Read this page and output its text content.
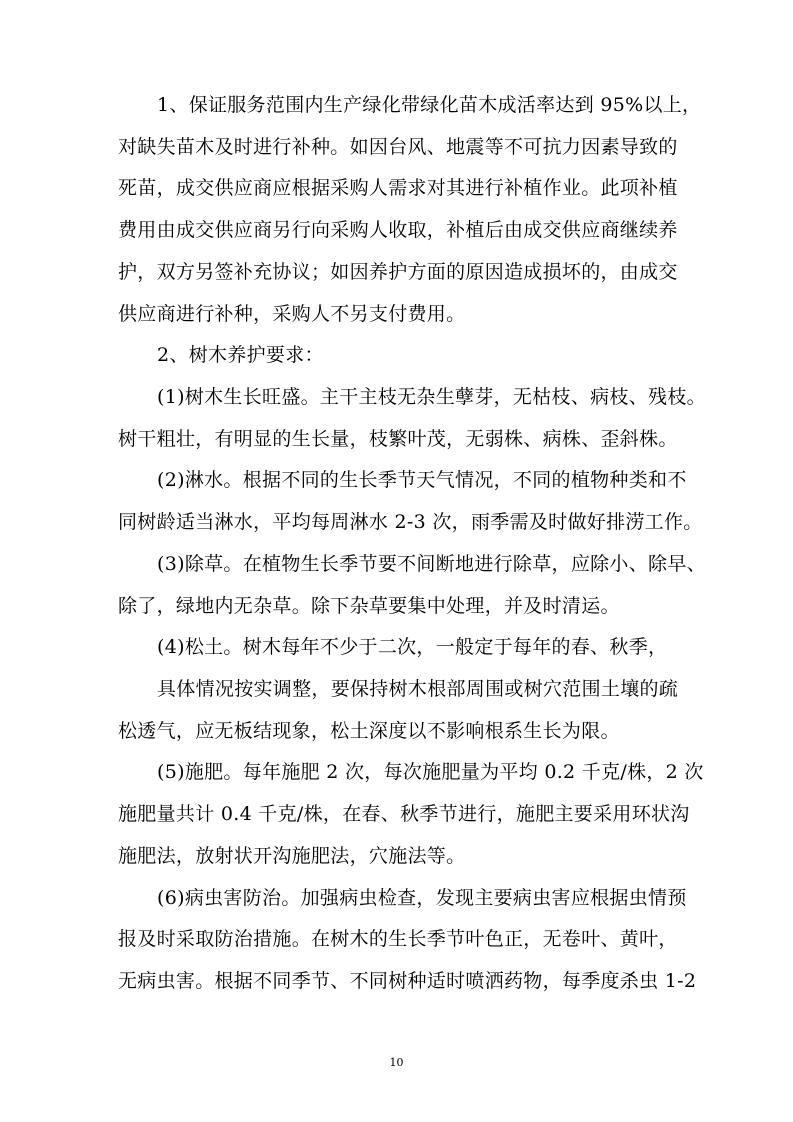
1、保证服务范围内生产绿化带绿化苗木成活率达到 95%以上，
对缺失苗木及时进行补种。如因台风、地震等不可抗力因素导致的
死苗，成交供应商应根据采购人需求对其进行补植作业。此项补植
费用由成交供应商另行向采购人收取，补植后由成交供应商继续养
护，双方另签补充协议；如因养护方面的原因造成损坏的，由成交
供应商进行补种，采购人不另支付费用。
2、树木养护要求：
(1)树木生长旺盛。主干主枝无杂生孽芽，无枯枝、病枝、残枝。
树干粗壮，有明显的生长量，枝繁叶茂，无弱株、病株、歪斜株。
(2)淋水。根据不同的生长季节天气情况，不同的植物种类和不
同树龄适当淋水，平均每周淋水 2-3 次，雨季需及时做好排涝工作。
(3)除草。在植物生长季节要不间断地进行除草，应除小、除早、
除了，绿地内无杂草。除下杂草要集中处理，并及时清运。
(4)松土。树木每年不少于二次，一般定于每年的春、秋季，
具体情况按实调整，要保持树木根部周围或树穴范围土壤的疏
松透气，应无板结现象，松土深度以不影响根系生长为限。
(5)施肥。每年施肥 2 次，每次施肥量为平均 0.2 千克/株，2 次
施肥量共计 0.4 千克/株，在春、秋季节进行，施肥主要采用环状沟
施肥法，放射状开沟施肥法，穴施法等。
(6)病虫害防治。加强病虫检查，发现主要病虫害应根据虫情预
报及时采取防治措施。在树木的生长季节叶色正，无卷叶、黄叶，
无病虫害。根据不同季节、不同树种适时喷洒药物，每季度杀虫 1-2
10
